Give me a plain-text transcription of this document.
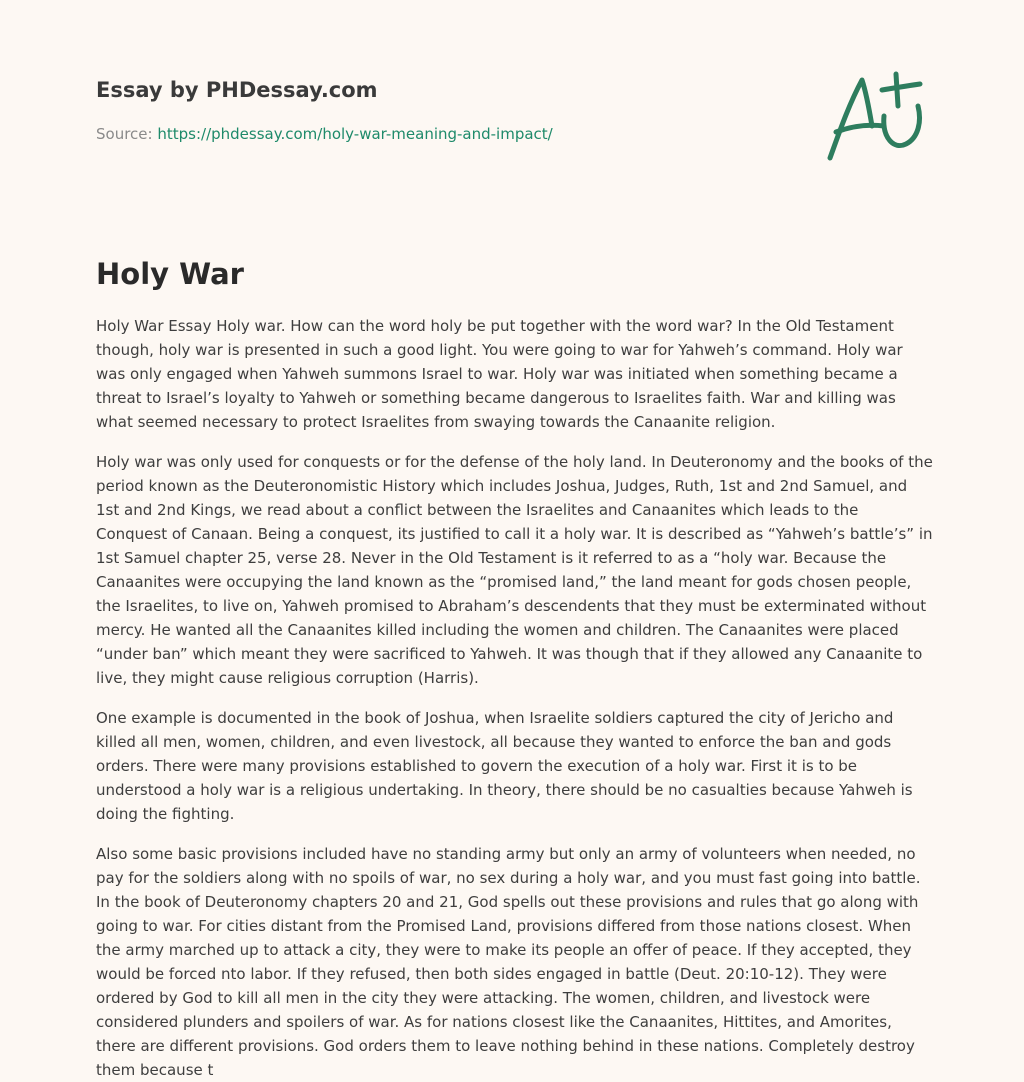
Essay by PHDessay.com
Source: https://phdessay.com/holy-war-meaning-and-impact/
Holy War

Holy War Essay Holy war. How can the word holy be put together with the word war? In the Old Testament though, holy war is presented in such a good light. You were going to war for Yahweh’s command. Holy war was only engaged when Yahweh summons Israel to war. Holy war was initiated when something became a threat to Israel’s loyalty to Yahweh or something became dangerous to Israelites faith. War and killing was what seemed necessary to protect Israelites from swaying towards the Canaanite religion.

Holy war was only used for conquests or for the defense of the holy land. In Deuteronomy and the books of the period known as the Deuteronomistic History which includes Joshua, Judges, Ruth, 1st and 2nd Samuel, and 1st and 2nd Kings, we read about a conflict between the Israelites and Canaanites which leads to the Conquest of Canaan. Being a conquest, its justified to call it a holy war. It is described as “Yahweh’s battle’s” in 1st Samuel chapter 25, verse 28. Never in the Old Testament is it referred to as a “holy war. Because the Canaanites were occupying the land known as the “promised land,” the land meant for gods chosen people, the Israelites, to live on, Yahweh promised to Abraham’s descendents that they must be exterminated without mercy. He wanted all the Canaanites killed including the women and children. The Canaanites were placed “under ban” which meant they were sacrificed to Yahweh. It was though that if they allowed any Canaanite to live, they might cause religious corruption (Harris).

One example is documented in the book of Joshua, when Israelite soldiers captured the city of Jericho and killed all men, women, children, and even livestock, all because they wanted to enforce the ban and gods orders. There were many provisions established to govern the execution of a holy war. First it is to be understood a holy war is a religious undertaking. In theory, there should be no casualties because Yahweh is doing the fighting.

Also some basic provisions included have no standing army but only an army of volunteers when needed, no pay for the soldiers along with no spoils of war, no sex during a holy war, and you must fast going into battle. In the book of Deuteronomy chapters 20 and 21, God spells out these provisions and rules that go along with going to war. For cities distant from the Promised Land, provisions differed from those nations closest. When the army marched up to attack a city, they were to make its people an offer of peace. If they accepted, they would be forced nto labor. If they refused, then both sides engaged in battle (Deut. 20:10-12). They were ordered by God to kill all men in the city they were attacking. The women, children, and livestock were considered plunders and spoilers of war. As for nations closest like the Canaanites, Hittites, and Amorites, there are different provisions. God orders them to leave nothing behind in these nations. Completely destroy them because t
